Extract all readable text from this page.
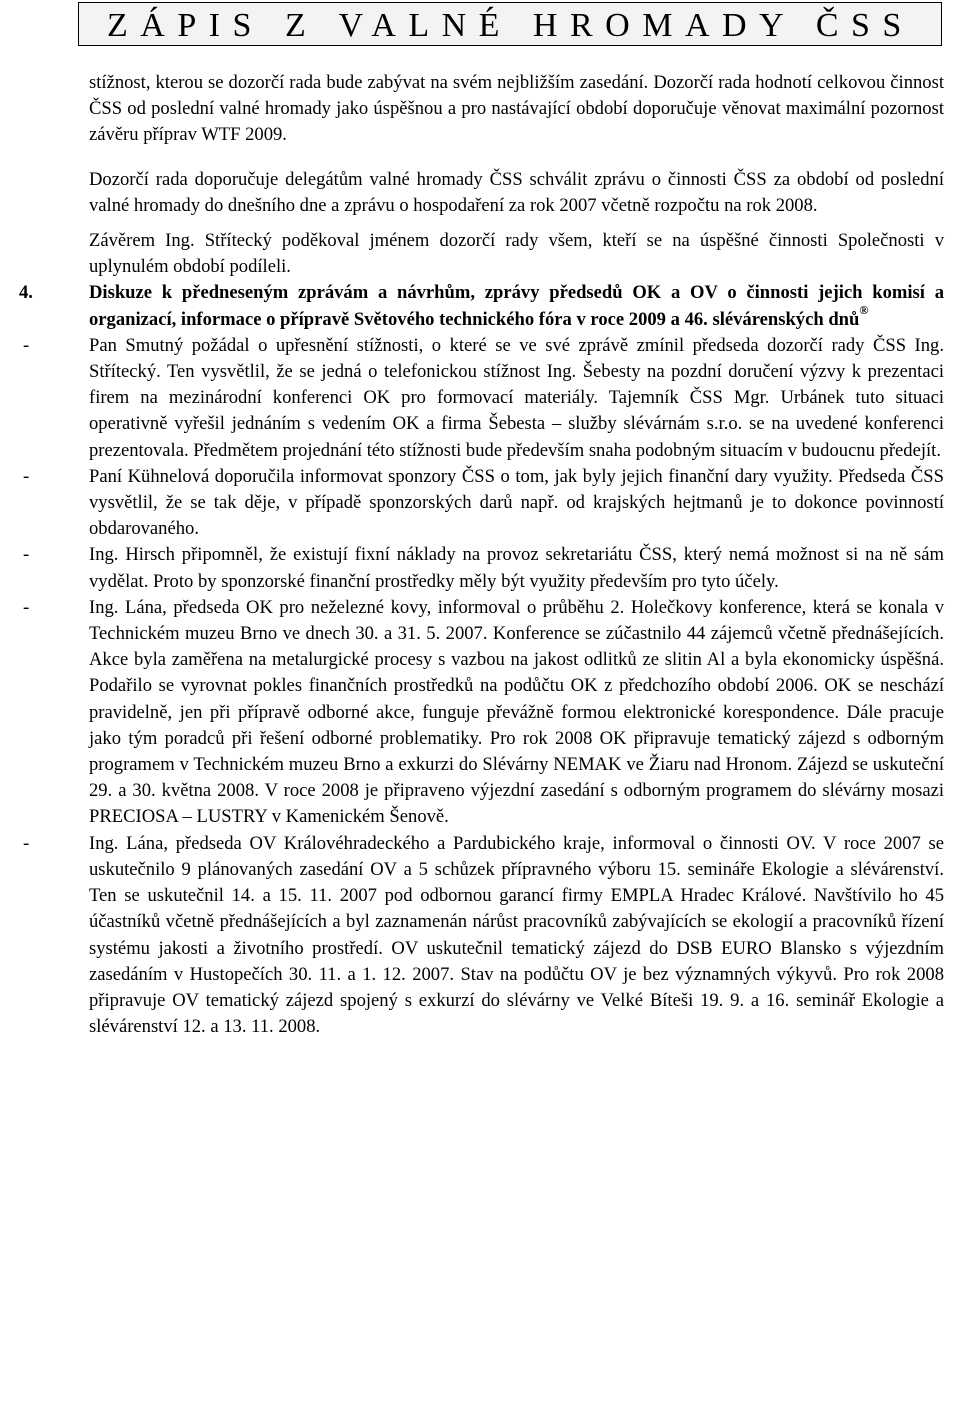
ZÁPIS Z VALNÉ HROMADY ČSS

stížnost, kterou se dozorčí rada bude zabývat na svém nejbližším zasedání. Dozorčí rada hodnotí celkovou činnost ČSS od poslední valné hromady jako úspěšnou a pro nastávající období doporučuje věnovat maximální pozornost závěru příprav WTF 2009.

Dozorčí rada doporučuje delegátům valné hromady ČSS schválit zprávu o činnosti ČSS za období od poslední valné hromady do dnešního dne a zprávu o hospodaření za rok 2007 včetně rozpočtu na rok 2008.

Závěrem Ing. Střítecký poděkoval jménem dozorčí rady všem, kteří se na úspěšné činnosti Společnosti v uplynulém období podíleli.

4.	Diskuze k předneseným zprávám a návrhům, zprávy předsedů OK a OV o činnosti jejich komisí a organizací, informace o přípravě Světového technického fóra v roce 2009 a 46. slévárenských dnů®

-	Pan Smutný požádal o upřesnění stížnosti, o které se ve své zprávě zmínil předseda dozorčí rady ČSS Ing. Střítecký. Ten vysvětlil, že se jedná o telefonickou stížnost Ing. Šebesty na pozdní doručení výzvy k prezentaci firem na mezinárodní konferenci OK pro formovací materiály. Tajemník ČSS Mgr. Urbánek tuto situaci operativně vyřešil jednáním s vedením OK a firma Šebesta – služby slévárnám s.r.o. se na uvedené konferenci prezentovala. Předmětem projednání této stížnosti bude především snaha podobným situacím v budoucnu předejít.
-	Paní Kühnelová doporučila informovat sponzory ČSS o tom, jak byly jejich finanční dary využity. Předseda ČSS vysvětlil, že se tak děje, v případě sponzorských darů např. od krajských hejtmanů je to dokonce povinností obdarovaného.
-	Ing. Hirsch připomněl, že existují fixní náklady na provoz sekretariátu ČSS, který nemá možnost si na ně sám vydělat. Proto by sponzorské finanční prostředky měly být využity především pro tyto účely.
-	Ing. Lána, předseda OK pro neželezné kovy, informoval o průběhu 2. Holečkovy konference, která se konala v Technickém muzeu Brno ve dnech 30. a 31. 5. 2007. Konference se zúčastnilo 44 zájemců včetně přednášejících. Akce byla zaměřena na metalurgické procesy s vazbou na jakost odlitků ze slitin Al a byla ekonomicky úspěšná. Podařilo se vyrovnat pokles finančních prostředků na podůčtu OK z předchozího období 2006. OK se neschází pravidelně, jen při přípravě odborné akce, funguje převážně formou elektronické korespondence. Dále pracuje jako tým poradců při řešení odborné problematiky. Pro rok 2008 OK připravuje tematický zájezd s odborným programem v Technickém muzeu Brno a exkurzi do Slévárny NEMAK ve Žiaru nad Hronom. Zájezd se uskuteční 29. a 30. května 2008. V roce 2008 je připraveno výjezdní zasedání s odborným programem do slévárny mosazi PRECIOSA – LUSTRY v Kamenickém Šenově.
-	Ing. Lána, předseda OV Královéhradeckého a Pardubického kraje, informoval o činnosti OV. V roce 2007 se uskutečnilo 9 plánovaných zasedání OV a 5 schůzek přípravného výboru 15. semináře Ekologie a slévárenství. Ten se uskutečnil 14. a 15. 11. 2007 pod odbornou garancí firmy EMPLA Hradec Králové. Navštívilo ho 45 účastníků včetně přednášejících a byl zaznamenán nárůst pracovníků zabývajících se ekologií a pracovníků řízení systému jakosti a životního prostředí. OV uskutečnil tematický zájezd do DSB EURO Blansko s výjezdním zasedáním v Hustopečích 30. 11. a 1. 12. 2007. Stav na podůčtu OV je bez významných výkyvů. Pro rok 2008 připravuje OV tematický zájezd spojený s exkurzí do slévárny ve Velké Bíteši 19. 9. a 16. seminář Ekologie a slévárenství 12. a 13. 11. 2008.
